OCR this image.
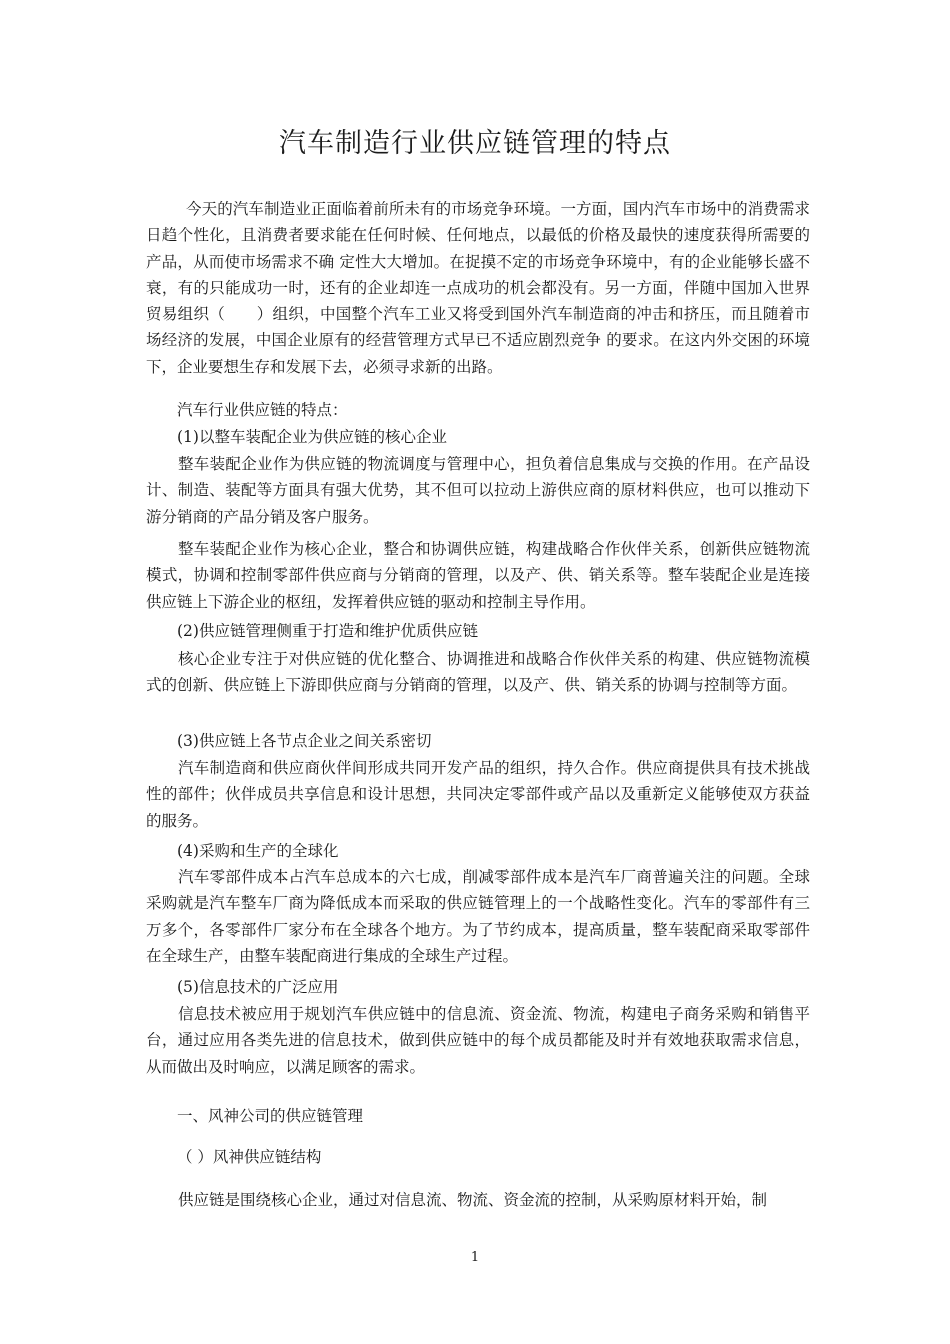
汽车制造行业供应链管理的特点

今天的汽车制造业正面临着前所未有的市场竞争环境。一方面，国内汽车市场中的消费需求日趋个性化，且消费者要求能在任何时候、任何地点，以最低的价格及最快的速度获得所需要的产品，从而使市场需求不确 定性大大增加。在捉摸不定的市场竞争环境中，有的企业能够长盛不衰，有的只能成功一时，还有的企业却连一点成功的机会都没有。另一方面，伴随中国加入世界 贸易组织（　　）组织，中国整个汽车工业又将受到国外汽车制造商的冲击和挤压，而且随着市场经济的发展，中国企业原有的经营管理方式早已不适应剧烈竞争 的要求。在这内外交困的环境下，企业要想生存和发展下去，必须寻求新的出路。

汽车行业供应链的特点：
(1)以整车装配企业为供应链的核心企业

整车装配企业作为供应链的物流调度与管理中心，担负着信息集成与交换的作用。在产品设计、制造、装配等方面具有强大优势，其不但可以拉动上游供应商的原材料供应，也可以推动下游分销商的产品分销及客户服务。

整车装配企业作为核心企业，整合和协调供应链，构建战略合作伙伴关系，创新供应链物流模式，协调和控制零部件供应商与分销商的管理，以及产、供、销关系等。整车装配企业是连接供应链上下游企业的枢纽，发挥着供应链的驱动和控制主导作用。

(2)供应链管理侧重于打造和维护优质供应链

核心企业专注于对供应链的优化整合、协调推进和战略合作伙伴关系的构建、供应链物流模式的创新、供应链上下游即供应商与分销商的管理，以及产、供、销关系的协调与控制等方面。

(3)供应链上各节点企业之间关系密切

汽车制造商和供应商伙伴间形成共同开发产品的组织，持久合作。供应商提供具有技术挑战性的部件；伙伴成员共享信息和设计思想，共同决定零部件或产品以及重新定义能够使双方获益的服务。

(4)采购和生产的全球化

汽车零部件成本占汽车总成本的六七成，削减零部件成本是汽车厂商普遍关注的问题。全球采购就是汽车整车厂商为降低成本而采取的供应链管理上的一个战略性变化。汽车的零部件有三万多个，各零部件厂家分布在全球各个地方。为了节约成本，提高质量，整车装配商采取零部件在全球生产，由整车装配商进行集成的全球生产过程。

(5)信息技术的广泛应用

信息技术被应用于规划汽车供应链中的信息流、资金流、物流，构建电子商务采购和销售平台，通过应用各类先进的信息技术，做到供应链中的每个成员都能及时并有效地获取需求信息，从而做出及时响应，以满足顾客的需求。

一、风神公司的供应链管理
（ ）风神供应链结构

供应链是围绕核心企业，通过对信息流、物流、资金流的控制，从采购原材料开始，制

1
